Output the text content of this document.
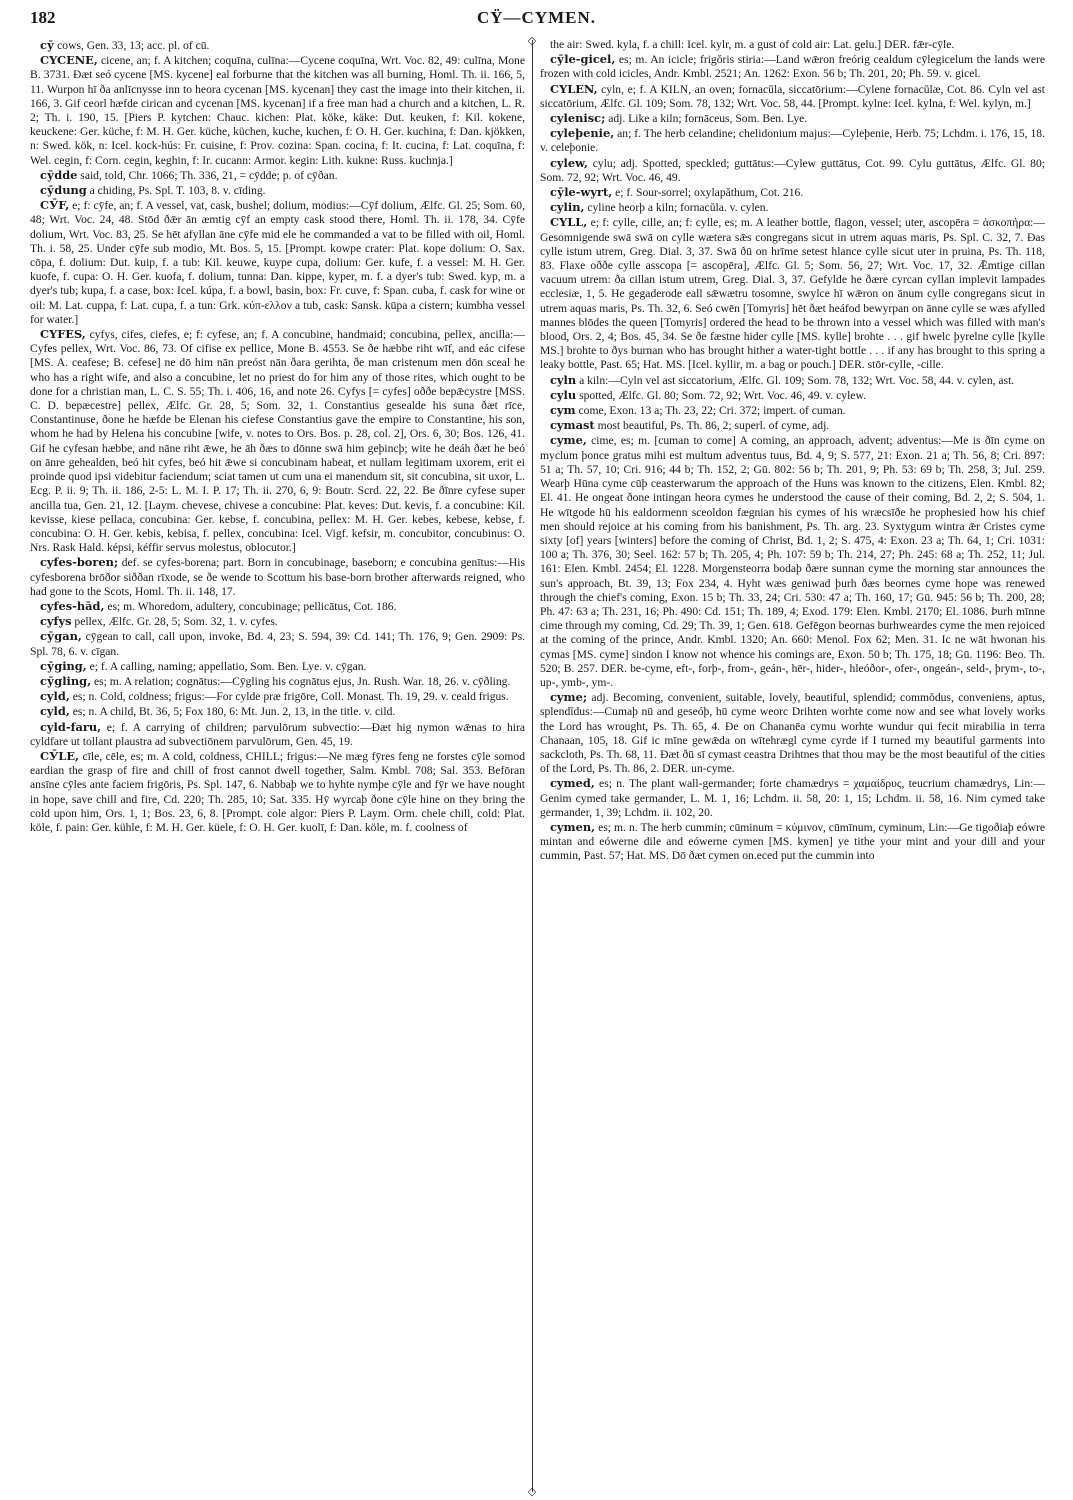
182	CŸ—CYMEN.
◇
◇

cӯ cows, Gen. 33, 13; acc. pl. of cū.

CYCENE, cicene, an; f. A kitchen; coquīna, culīna:—Cycene coquīna, Wrt. Voc. 82, 49: culīna, Mone B. 3731. Ðæt seó cycene [MS. kycene] eal forburne that the kitchen was all burning, Homl. Th. ii. 166, 5, 11. Wurpon hī ða anlīcnysse inn to heora cycenan [MS. kycenan] they cast the image into their kitchen, ii. 166, 3. Gif ceorl hæfde cirican and cycenan [MS. kycenan] if a free man had a church and a kitchen, L. R. 2; Th. i. 190, 15. [Piers P. kytchen: Chauc. kichen: Plat. köke, käke: Dut. keuken, f: Kil. kokene, keuckene: Ger. küche, f: M. H. Ger. küche, küchen, kuche, kuchen, f: O. H. Ger. kuchina, f: Dan. kjökken, n: Swed. kök, n: Icel. kock-hús: Fr. cuisine, f: Prov. cozina: Span. cocina, f: It. cucina, f: Lat. coquīna, f: Wel. cegin, f: Corn. cegin, keghin, f: Ir. cucann: Armor. kegin: Lith. kukne: Russ. kuchnja.]

cӯdde said, told, Chr. 1066; Th. 336, 21, = cӯdde; p. of cӯðan.

cӯdung a chiding, Ps. Spl. T. 103, 8. v. cīding.

CӮF, e; f: cӯfe, an; f. A vessel, vat, cask, bushel; dolium, modius:—Cӯf dolium, Ælfc. Gl. 25; Som. 60, 48; Wrt. Voc. 24, 48. Stōd ðǣr ān æmtig cӯf an empty cask stood there, Homl. Th. ii. 178, 34. Cӯfe dolium, Wrt. Voc. 83, 25. Se hēt afyllan āne cӯfe mid ele he commanded a vat to be filled with oil, Homl. Th. i. 58, 25. Under cӯfe sub modio, Mt. Bos. 5, 15. [Prompt. kowpe crater: Plat. kope dolium: O. Sax. cōpa, f. dolium: Dut. kuip, f. a tub: Kil. keuwe, kuype cupa, dolium: Ger. kufe, f. a vessel: M. H. Ger. kuofe, f. cupa: O. H. Ger. kuofa, f. dolium, tunna: Dan. kippe, kyper, m. f. a dyer's tub: Swed. kyp, m. a dyer's tub; kupa, f. a case, box: Icel. kúpa, f. a bowl, basin, box: Fr. cuve, f: Span. cuba, f. cask for wine or oil: M. Lat. cuppa, f: Lat. cupa, f. a tun: Grk. κύπ-ελλον a tub, cask: Sansk. kūpa a cistern; kumbha vessel for water.]

CYFES, cyfys, cifes, ciefes, e; f: cyfese, an; f. A concubine, handmaid; concubina, pellex, ancilla:—Cyfes pellex, Wrt. Voc. 86, 73. Of cifise ex pellice, Mone B. 4553. Se ðe hæbbe riht wīf, and eác cifese [MS. A. ceafese; B. cefese] ne dō him nān preóst nān ðara gerihta, ðe man cristenum men dōn sceal he who has a right wife, and also a concubine, let no priest do for him any of those rites, which ought to be done for a christian man, L. C. S. 55; Th. i. 406, 16, and note 26. Cyfys [= cyfes] oððe bepǣcystre [MSS. C. D. bepæcestre] pellex, Ælfc. Gr. 28, 5; Som. 32, 1. Constantius gesealde his suna ðæt rīce, Constantinuse, ðone he hæfde be Elenan his ciefese Constantius gave the empire to Constantine, his son, whom he had by Helena his concubine [wife, v. notes to Ors. Bos. p. 28, col. 2], Ors. 6, 30; Bos. 126, 41. Gif he cyfesan hæbbe, and nāne riht ǣwe, he āh ðæs to dōnne swā him geþincþ; wite he deáh ðæt he beó on ānre gehealden, beó hit cyfes, beó hit ǣwe si concubinam habeat, et nullam legitimam uxorem, erit ei proinde quod ipsi videbitur faciendum; sciat tamen ut cum una ei manendum sit, sit concubina, sit uxor, L. Ecg. P. ii. 9; Th. ii. 186, 2-5: L. M. I. P. 17; Th. ii. 270, 6, 9: Boutr. Scrd. 22, 22. Be ðīnre cyfese super ancilla tua, Gen. 21, 12. [Laym. chevese, chivese a concubine: Plat. keves: Dut. kevis, f. a concubine: Kil. kevisse, kiese pellaca, concubina: Ger. kebse, f. concubina, pellex: M. H. Ger. kebes, kebese, kebse, f. concubina: O. H. Ger. kebis, kebisa, f. pellex, concubina: Icel. Vigf. kefsir, m. concubitor, concubinus: O. Nrs. Rask Hald. képsi, kéffir servus molestus, oblocutor.]

cyfes-boren; def. se cyfes-borena; part. Born in concubinage, baseborn; e concubina genītus:—His cyfesborena brōðor siððan rīxode, se ðe wende to Scottum his base-born brother afterwards reigned, who had gone to the Scots, Homl. Th. ii. 148, 17.

cyfes-hād, es; m. Whoredom, adultery, concubinage; pellicātus, Cot. 186.

cyfys pellex, Ælfc. Gr. 28, 5; Som. 32, 1. v. cyfes.

cӯgan, cӯgean to call, call upon, invoke, Bd. 4, 23; S. 594, 39: Cd. 141; Th. 176, 9; Gen. 2909: Ps. Spl. 78, 6. v. cīgan.

cӯging, e; f. A calling, naming; appellatio, Som. Ben. Lye. v. cӯgan.

cӯgling, es; m. A relation; cognātus:—Cӯgling his cognātus ejus, Jn. Rush. War. 18, 26. v. cӯðling.

cyld, es; n. Cold, coldness; frigus:—For cylde præ frigōre, Coll. Monast. Th. 19, 29. v. ceald frigus.

cyld, es; n. A child, Bt. 36, 5; Fox 180, 6: Mt. Jun. 2, 13, in the title. v. cild.

cyld-faru, e; f. A carrying of children; parvulōrum subvectio:—Ðæt hig nymon wǣnas to hira cyldfare ut tollant plaustra ad subvectiōnem parvulōrum, Gen. 45, 19.

CӮLE, cīle, cēle, es; m. A cold, coldness, CHILL; frigus:—Ne mæg fӯres feng ne forstes cӯle somod eardian the grasp of fire and chill of frost cannot dwell together, Salm. Kmbl. 708; Sal. 353. Befōran ansīne cӯles ante faciem frigōris, Ps. Spl. 147, 6. Nabbaþ we to hyhte nymþe cӯle and fӯr we have nought in hope, save chill and fire, Cd. 220; Th. 285, 10; Sat. 335. Hӯ wyrcaþ ðone cӯle hine on they bring the cold upon him, Ors. 1, 1; Bos. 23, 6, 8. [Prompt. cole algor: Piers P. Laym. Orm. chele chill, cold: Plat. köle, f. pain: Ger. kühle, f: M. H. Ger. küele, f: O. H. Ger. kuolī, f: Dan. köle, m. f. coolness of

the air: Swed. kyla, f. a chill: Icel. kylr, m. a gust of cold air: Lat. gelu.] DER. fǣr-cӯle.

cӯle-gicel, es; m. An icicle; frigŏris stiria:—Land wǣron freórig cealdum cӯlegicelum the lands were frozen with cold icicles, Andr. Kmbl. 2521; An. 1262: Exon. 56 b; Th. 201, 20; Ph. 59. v. gicel.

CYLEN, cyln, e; f. A KILN, an oven; fornacŭla, siccatōrium:—Cylene fornacŭlæ, Cot. 86. Cyln vel ast siccatōrium, Ælfc. Gl. 109; Som. 78, 132; Wrt. Voc. 58, 44. [Prompt. kylne: Icel. kylna, f: Wel. kylyn, m.]

cylenisc; adj. Like a kiln; fornāceus, Som. Ben. Lye.

cyleþenie, an; f. The herb celandine; chelidonium majus:—Cyleþenie, Herb. 75; Lchdm. i. 176, 15, 18. v. celeþonie.

cylew, cylu; adj. Spotted, speckled; guttātus:—Cylew guttātus, Cot. 99. Cylu guttātus, Ælfc. Gl. 80; Som. 72, 92; Wrt. Voc. 46, 49.

cӯle-wyrt, e; f. Sour-sorrel; oxylapăthum, Cot. 216.

cylin, cyline heorþ a kiln; fornacŭla. v. cylen.

CYLL, e; f: cylle, cille, an; f: cylle, es; m. A leather bottle, flagon, vessel; uter, ascopēra = ἀσκοπήρα:—Gesomnigende swā swā on cylle wætera sǣs congregans sicut in utrem aquas maris, Ps. Spl. C. 32, 7. Ðas cylle istum utrem, Greg. Dial. 3, 37. Swā ðū on hrīme setest hlance cylle sicut uter in pruina, Ps. Th. 118, 83. Flaxe oððe cylle asscopa [= ascopēra], Ælfc. Gl. 5; Som. 56, 27; Wrt. Voc. 17, 32. Ǣmtige cillan vacuum utrem: ða cillan istum utrem, Greg. Dial. 3, 37. Gefylde he ðære cyrcan cyllan implevit lampades ecclesiæ, 1, 5. He gegaderode eall sǣwætru tosomne, swylce hī wǣron on ānum cylle congregans sicut in utrem aquas maris, Ps. Th. 32, 6. Seó cwēn [Tomyris] hēt ðæt heáfod bewyrpan on ānne cylle se wæs afylled mannes blōdes the queen [Tomyris] ordered the head to be thrown into a vessel which was filled with man's blood, Ors. 2, 4; Bos. 45, 34. Se ðe fæstne hider cylle [MS. kylle] brohte . . . gif hwelc þyrelne cylle [kylle MS.] brohte to ðys burnan who has brought hither a water-tight bottle . . . if any has brought to this spring a leaky bottle, Past. 65; Hat. MS. [Icel. kyllir, m. a bag or pouch.] DER. stōr-cylle, -cille.

cyln a kiln:—Cyln vel ast siccatorium, Ælfc. Gl. 109; Som. 78, 132; Wrt. Voc. 58, 44. v. cylen, ast.

cylu spotted, Ælfc. Gl. 80; Som. 72, 92; Wrt. Voc. 46, 49. v. cylew.

cym come, Exon. 13 a; Th. 23, 22; Cri. 372; impert. of cuman.

cymast most beautiful, Ps. Th. 86, 2; superl. of cyme, adj.

cyme, cime, es; m. [cuman to come] A coming, an approach, advent; adventus:—Me is ðīn cyme on myclum þonce gratus mihi est multum adventus tuus, Bd. 4, 9; S. 577, 21: Exon. 21 a; Th. 56, 8; Cri. 897: 51 a; Th. 57, 10; Cri. 916; 44 b; Th. 152, 2; Gū. 802: 56 b; Th. 201, 9; Ph. 53: 69 b; Th. 258, 3; Jul. 259. Wearþ Hūna cyme cūþ ceasterwarum the approach of the Huns was known to the citizens, Elen. Kmbl. 82; El. 41. He ongeat ðone intingan heora cymes he understood the cause of their coming, Bd. 2, 2; S. 504, 1. He wītgode hū his ealdormenn sceoldon fægnian his cymes of his wræcsīðe he prophesied how his chief men should rejoice at his coming from his banishment, Ps. Th. arg. 23. Syxtygum wintra ǣr Cristes cyme sixty [of] years [winters] before the coming of Christ, Bd. 1, 2; S. 475, 4: Exon. 23 a; Th. 64, 1; Cri. 1031: 100 a; Th. 376, 30; Seel. 162: 57 b; Th. 205, 4; Ph. 107: 59 b; Th. 214, 27; Ph. 245: 68 a; Th. 252, 11; Jul. 161: Elen. Kmbl. 2454; El. 1228. Morgensteorra bodaþ ðære sunnan cyme the morning star announces the sun's approach, Bt. 39, 13; Fox 234, 4. Hyht wæs geniwad þurh ðæs beornes cyme hope was renewed through the chief's coming, Exon. 15 b; Th. 33, 24; Cri. 530: 47 a; Th. 160, 17; Gū. 945: 56 b; Th. 200, 28; Ph. 47: 63 a; Th. 231, 16; Ph. 490: Cd. 151; Th. 189, 4; Exod. 179: Elen. Kmbl. 2170; El. 1086. Þurh mīnne cime through my coming, Cd. 29; Th. 39, 1; Gen. 618. Gefēgon beornas burhweardes cyme the men rejoiced at the coming of the prince, Andr. Kmbl. 1320; An. 660: Menol. Fox 62; Men. 31. Ic ne wāt hwonan his cymas [MS. cyme] sindon I know not whence his comings are, Exon. 50 b; Th. 175, 18; Gū. 1196: Beo. Th. 520; B. 257. DER. be-cyme, eft-, forþ-, from-, geán-, hēr-, hider-, hleóðor-, ofer-, ongeán-, seld-, þrym-, to-, up-, ymb-, ym-.

cyme; adj. Becoming, convenient, suitable, lovely, beautiful, splendid; commŏdus, conveniens, aptus, splendĭdus:—Cumaþ nū and geseóþ, hū cyme weorc Drihten worhte come now and see what lovely works the Lord has wrought, Ps. Th. 65, 4. Ðe on Chananēa cymu worhte wundur qui fecit mirabilia in terra Chanaan, 105, 18. Gif ic mīne gewǣda on wītehrægl cyme cyrde if I turned my beautiful garments into sackcloth, Ps. Th. 68, 11. Ðæt ðū sī cymast ceastra Drihtnes that thou may be the most beautiful of the cities of the Lord, Ps. Th. 86, 2. DER. un-cyme.

cymed, es; n. The plant wall-germander; forte chamædrys = χαμαίδρυς, teucrium chamædrys, Lin:—Genim cymed take germander, L. M. 1, 16; Lchdm. ii. 58, 20: 1, 15; Lchdm. ii. 58, 16. Nim cymed take germander, 1, 39; Lchdm. ii. 102, 20.

cymen, es; m. n. The herb cummin; cūminum = κύμινον, cūmīnum, cyminum, Lin:—Ge tigoðiaþ eówre mintan and eówerne dile and eówerne cymen [MS. kymen] ye tithe your mint and your dill and your cummin, Past. 57; Hat. MS. Dō ðæt cymen on.eced put the cummin into
